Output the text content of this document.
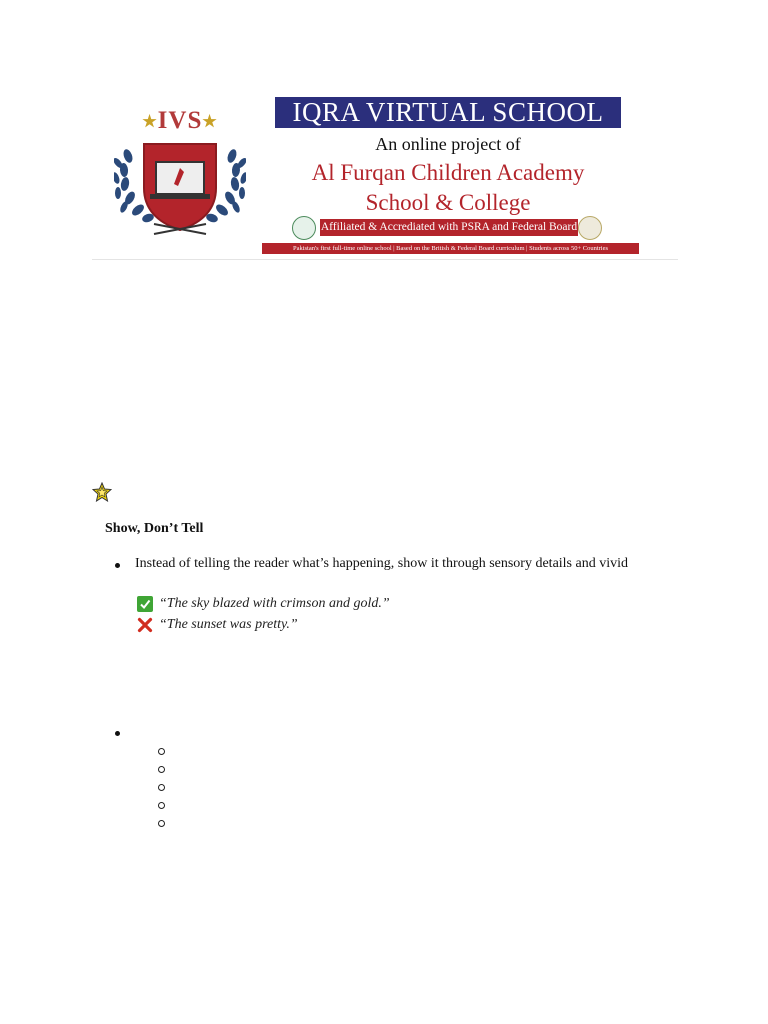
★IVS★	IQRA VIRTUAL SCHOOL
An online project of
Al Furqan Children Academy
School & College
Affiliated & Accrediated with PSRA and Federal Board
Pakistan's first full-time online school | Based on the British & Federal Board curriculum | Students across 50+ Countries
Show, Don’t Tell
Instead of telling the reader what’s happening, show it through sensory details and vivid
“The sky blazed with crimson and gold.”
“The sunset was pretty.”
